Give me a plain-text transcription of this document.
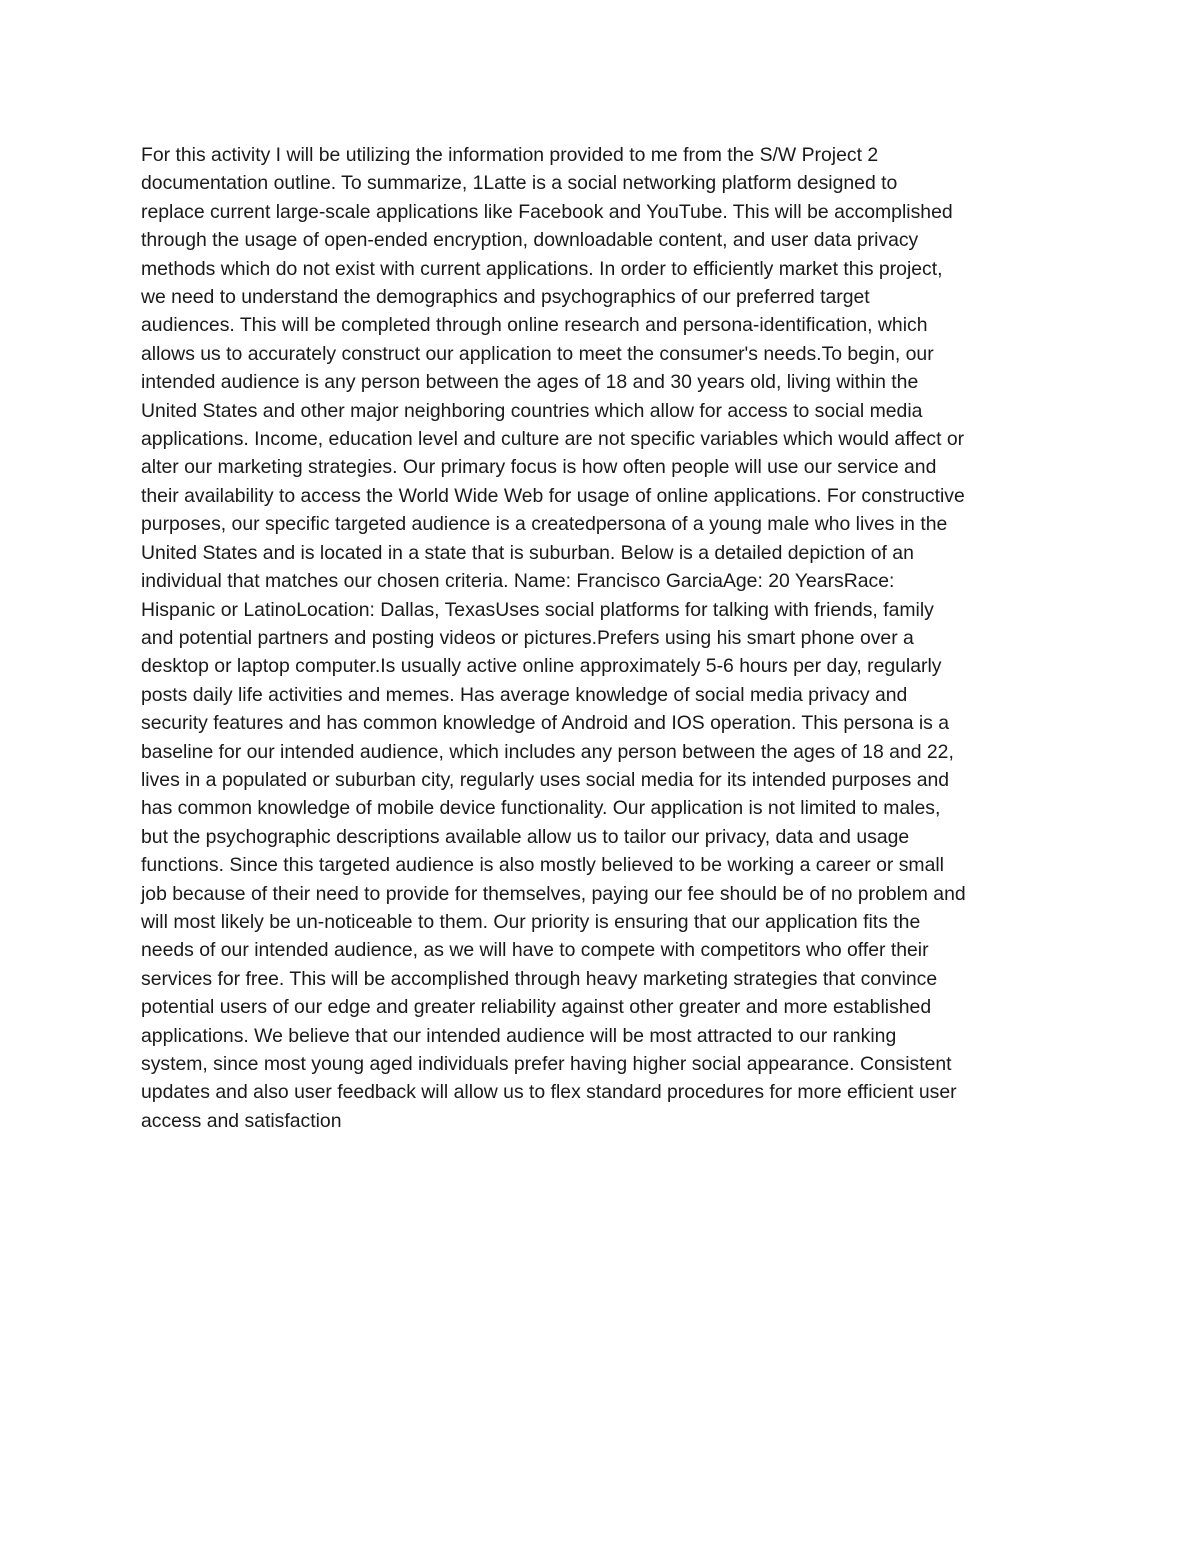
For this activity I will be utilizing the information provided to me from the S/W Project 2
documentation outline. To summarize, 1Latte is a social networking platform designed to
replace current large-scale applications like Facebook and YouTube. This will be accomplished
through the usage of open-ended encryption, downloadable content, and user data privacy
methods which do not exist with current applications. In order to efficiently market this project,
we need to understand the demographics and psychographics of our preferred target
audiences. This will be completed through online research and persona-identification, which
allows us to accurately construct our application to meet the consumer's needs.To begin, our
intended audience is any person between the ages of 18 and 30 years old, living within the
United States and other major neighboring countries which allow for access to social media
applications. Income, education level and culture are not specific variables which would affect or
alter our marketing strategies. Our primary focus is how often people will use our service and
their availability to access the World Wide Web for usage of online applications. For constructive
purposes, our specific targeted audience is a createdpersona of a young male who lives in the
United States and is located in a state that is suburban. Below is a detailed depiction of an
individual that matches our chosen criteria. Name: Francisco GarciaAge: 20 YearsRace:
Hispanic or LatinoLocation: Dallas, TexasUses social platforms for talking with friends, family
and potential partners and posting videos or pictures.Prefers using his smart phone over a
desktop or laptop computer.Is usually active online approximately 5-6 hours per day, regularly
posts daily life activities and memes. Has average knowledge of social media privacy and
security features and has common knowledge of Android and IOS operation. This persona is a
baseline for our intended audience, which includes any person between the ages of 18 and 22,
lives in a populated or suburban city, regularly uses social media for its intended purposes and
has common knowledge of mobile device functionality. Our application is not limited to males,
but the psychographic descriptions available allow us to tailor our privacy, data and usage
functions. Since this targeted audience is also mostly believed to be working a career or small
job because of their need to provide for themselves, paying our fee should be of no problem and
will most likely be un-noticeable to them. Our priority is ensuring that our application fits the
needs of our intended audience, as we will have to compete with competitors who offer their
services for free. This will be accomplished through heavy marketing strategies that convince
potential users of our edge and greater reliability against other greater and more established
applications. We believe that our intended audience will be most attracted to our ranking
system, since most young aged individuals prefer having higher social appearance. Consistent
updates and also user feedback will allow us to flex standard procedures for more efficient user
access and satisfaction
